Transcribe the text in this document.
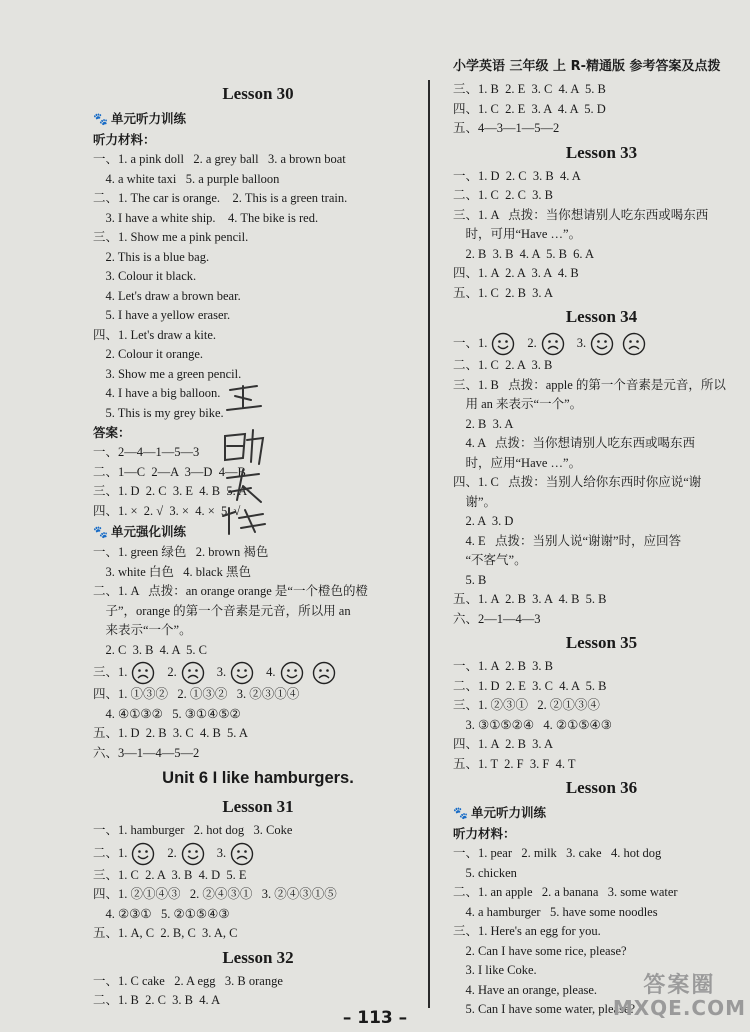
小学英语 三年级 上 R-精通版 参考答案及点拨
Lesson 30
🐾 单元听力训练
听力材料：
一、1. a pink doll   2. a grey ball   3. a brown boat
4. a white taxi   5. a purple balloon
二、1. The car is orange.    2. This is a green train.
3. I have a white ship.    4. The bike is red.
三、1. Show me a pink pencil.
2. This is a blue bag.
3. Colour it black.
4. Let's draw a brown bear.
5. I have a yellow eraser.
四、1. Let's draw a kite.
2. Colour it orange.
3. Show me a green pencil.
4. I have a big balloon.
5. This is my grey bike.
答案：
一、2—4—1—5—3
二、1—C  2—A  3—D  4—B
三、1. D  2. C  3. E  4. B  5. A
四、1. ×  2. √  3. ×  4. ×  5. √
🐾 单元强化训练
一、1. green 绿色   2. brown 褐色
3. white 白色   4. black 黑色
二、1. A   点拨：an orange orange 是“一个橙色的橙
子”，orange 的第一个音素是元音，所以用 an
来表示“一个”。
2. C  3. B  4. A  5. C
三、1.	2.	3.	4.
四、1. ①③②   2. ①③②   3. ②③①④
4. ④①③②   5. ③①④⑤②
五、1. D  2. B  3. C  4. B  5. A
六、3—1—4—5—2
Unit 6 I like hamburgers.
Lesson 31
一、1. hamburger   2. hot dog   3. Coke
二、1.	2.	3.
三、1. C  2. A  3. B  4. D  5. E
四、1. ②①④③   2. ②④③①   3. ②④③①⑤
4. ②③①   5. ②①⑤④③
五、1. A, C  2. B, C  3. A, C
Lesson 32
一、1. C cake   2. A egg   3. B orange
二、1. B  2. C  3. B  4. A
三、1. B  2. E  3. C  4. A  5. B
四、1. C  2. E  3. A  4. A  5. D
五、4—3—1—5—2
Lesson 33
一、1. D  2. C  3. B  4. A
二、1. C  2. C  3. B
三、1. A   点拨：当你想请别人吃东西或喝东西
时，可用“Have …”。
2. B  3. B  4. A  5. B  6. A
四、1. A  2. A  3. A  4. B
五、1. C  2. B  3. A
Lesson 34
一、1.	2.	3.
二、1. C  2. A  3. B
三、1. B   点拨：apple 的第一个音素是元音，所以
用 an 来表示“一个”。
2. B  3. A
4. A   点拨：当你想请别人吃东西或喝东西
时，应用“Have …”。
四、1. C   点拨：当别人给你东西时你应说“谢
谢”。
2. A  3. D
4. E   点拨：当别人说“谢谢”时，应回答
“不客气”。
5. B
五、1. A  2. B  3. A  4. B  5. B
六、2—1—4—3
Lesson 35
一、1. A  2. B  3. B
二、1. D  2. E  3. C  4. A  5. B
三、1. ②③①   2. ②①③④
3. ③①⑤②④   4. ②①⑤④③
四、1. A  2. B  3. A
五、1. T  2. F  3. F  4. T
Lesson 36
🐾 单元听力训练
听力材料：
一、1. pear   2. milk   3. cake   4. hot dog
5. chicken
二、1. an apple   2. a banana   3. some water
4. a hamburger   5. have some noodles
三、1. Here's an egg for you.
2. Can I have some rice, please?
3. I like Coke.
4. Have an orange, please.
5. Can I have some water, please?
– 113 –
答案圈
MXQE.COM
